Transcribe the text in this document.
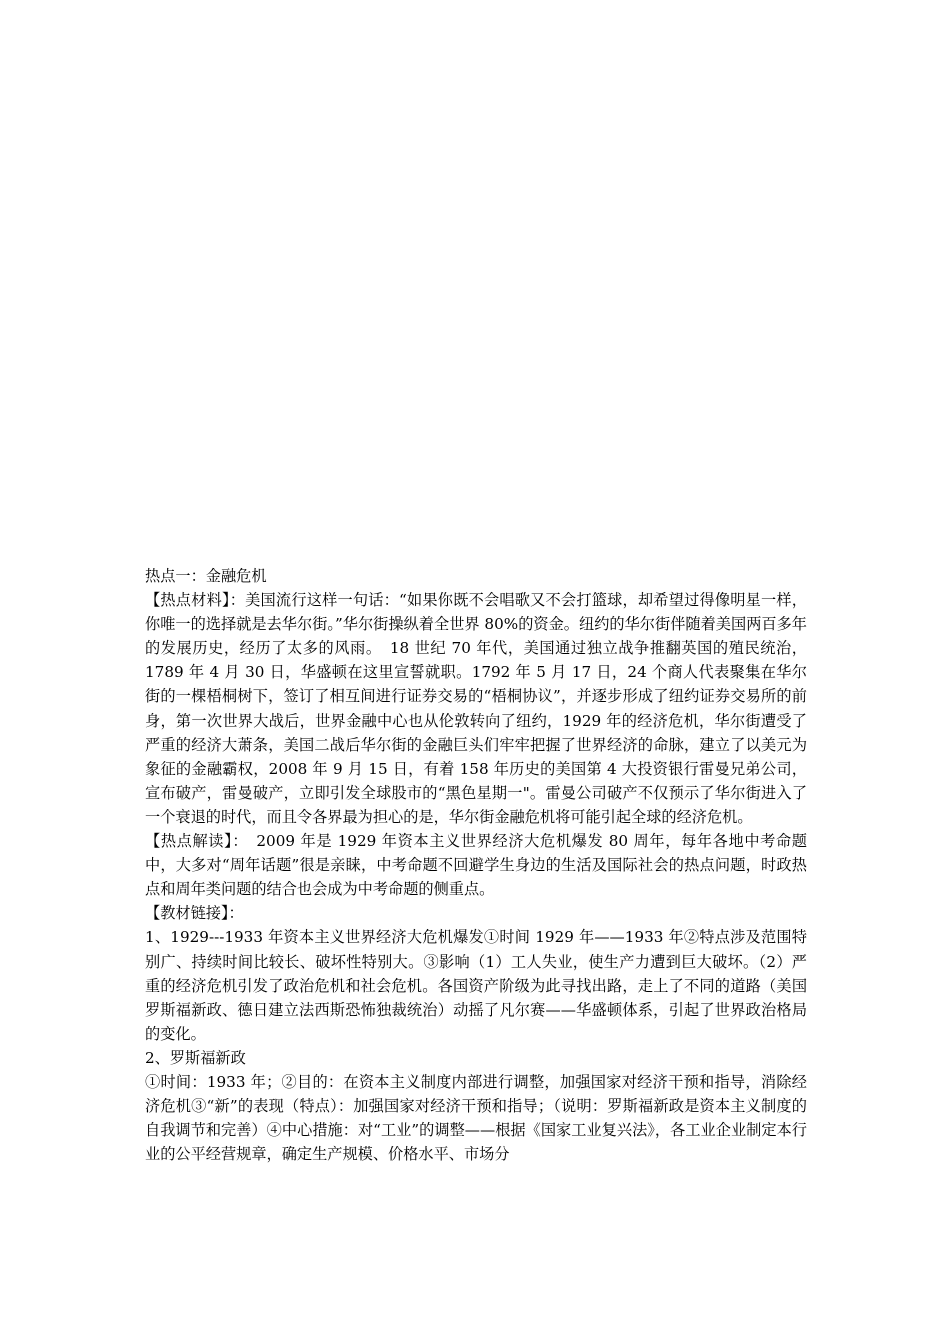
热点一：金融危机

【热点材料】：美国流行这样一句话：“如果你既不会唱歌又不会打篮球，却希望过得像明星一样，你唯一的选择就是去华尔街。”华尔街操纵着全世界 80%的资金。纽约的华尔街伴随着美国两百多年的发展历史，经历了太多的风雨。　18 世纪 70 年代，美国通过独立战争推翻英国的殖民统治，1789 年 4 月 30 日，华盛顿在这里宣誓就职。1792 年 5 月 17 日，24 个商人代表聚集在华尔街的一棵梧桐树下，签订了相互间进行证券交易的“梧桐协议”，并逐步形成了纽约证券交易所的前身，第一次世界大战后，世界金融中心也从伦敦转向了纽约，1929 年的经济危机，华尔街遭受了严重的经济大萧条，美国二战后华尔街的金融巨头们牢牢把握了世界经济的命脉，建立了以美元为象征的金融霸权，2008 年 9 月 15 日，有着 158 年历史的美国第 4 大投资银行雷曼兄弟公司，宣布破产，雷曼破产，立即引发全球股市的“黑色星期一"。雷曼公司破产不仅预示了华尔街进入了一个衰退的时代，而且令各界最为担心的是，华尔街金融危机将可能引起全球的经济危机。

【热点解读】：　2009 年是 1929 年资本主义世界经济大危机爆发 80 周年，每年各地中考命题中，大多对“周年话题”很是亲睐，中考命题不回避学生身边的生活及国际社会的热点问题，时政热点和周年类问题的结合也会成为中考命题的侧重点。

【教材链接】：

1、1929---1933 年资本主义世界经济大危机爆发①时间 1929 年——1933 年②特点涉及范围特别广、持续时间比较长、破坏性特别大。③影响（1）工人失业，使生产力遭到巨大破坏。（2）严重的经济危机引发了政治危机和社会危机。各国资产阶级为此寻找出路，走上了不同的道路（美国罗斯福新政、德日建立法西斯恐怖独裁统治）动摇了凡尔赛——华盛顿体系，引起了世界政治格局的变化。

2、罗斯福新政

①时间：1933 年；②目的：在资本主义制度内部进行调整，加强国家对经济干预和指导，消除经济危机③“新”的表现（特点）：加强国家对经济干预和指导；（说明：罗斯福新政是资本主义制度的自我调节和完善）④中心措施：对“工业”的调整——根据《国家工业复兴法》，各工业企业制定本行业的公平经营规章，确定生产规模、价格水平、市场分
